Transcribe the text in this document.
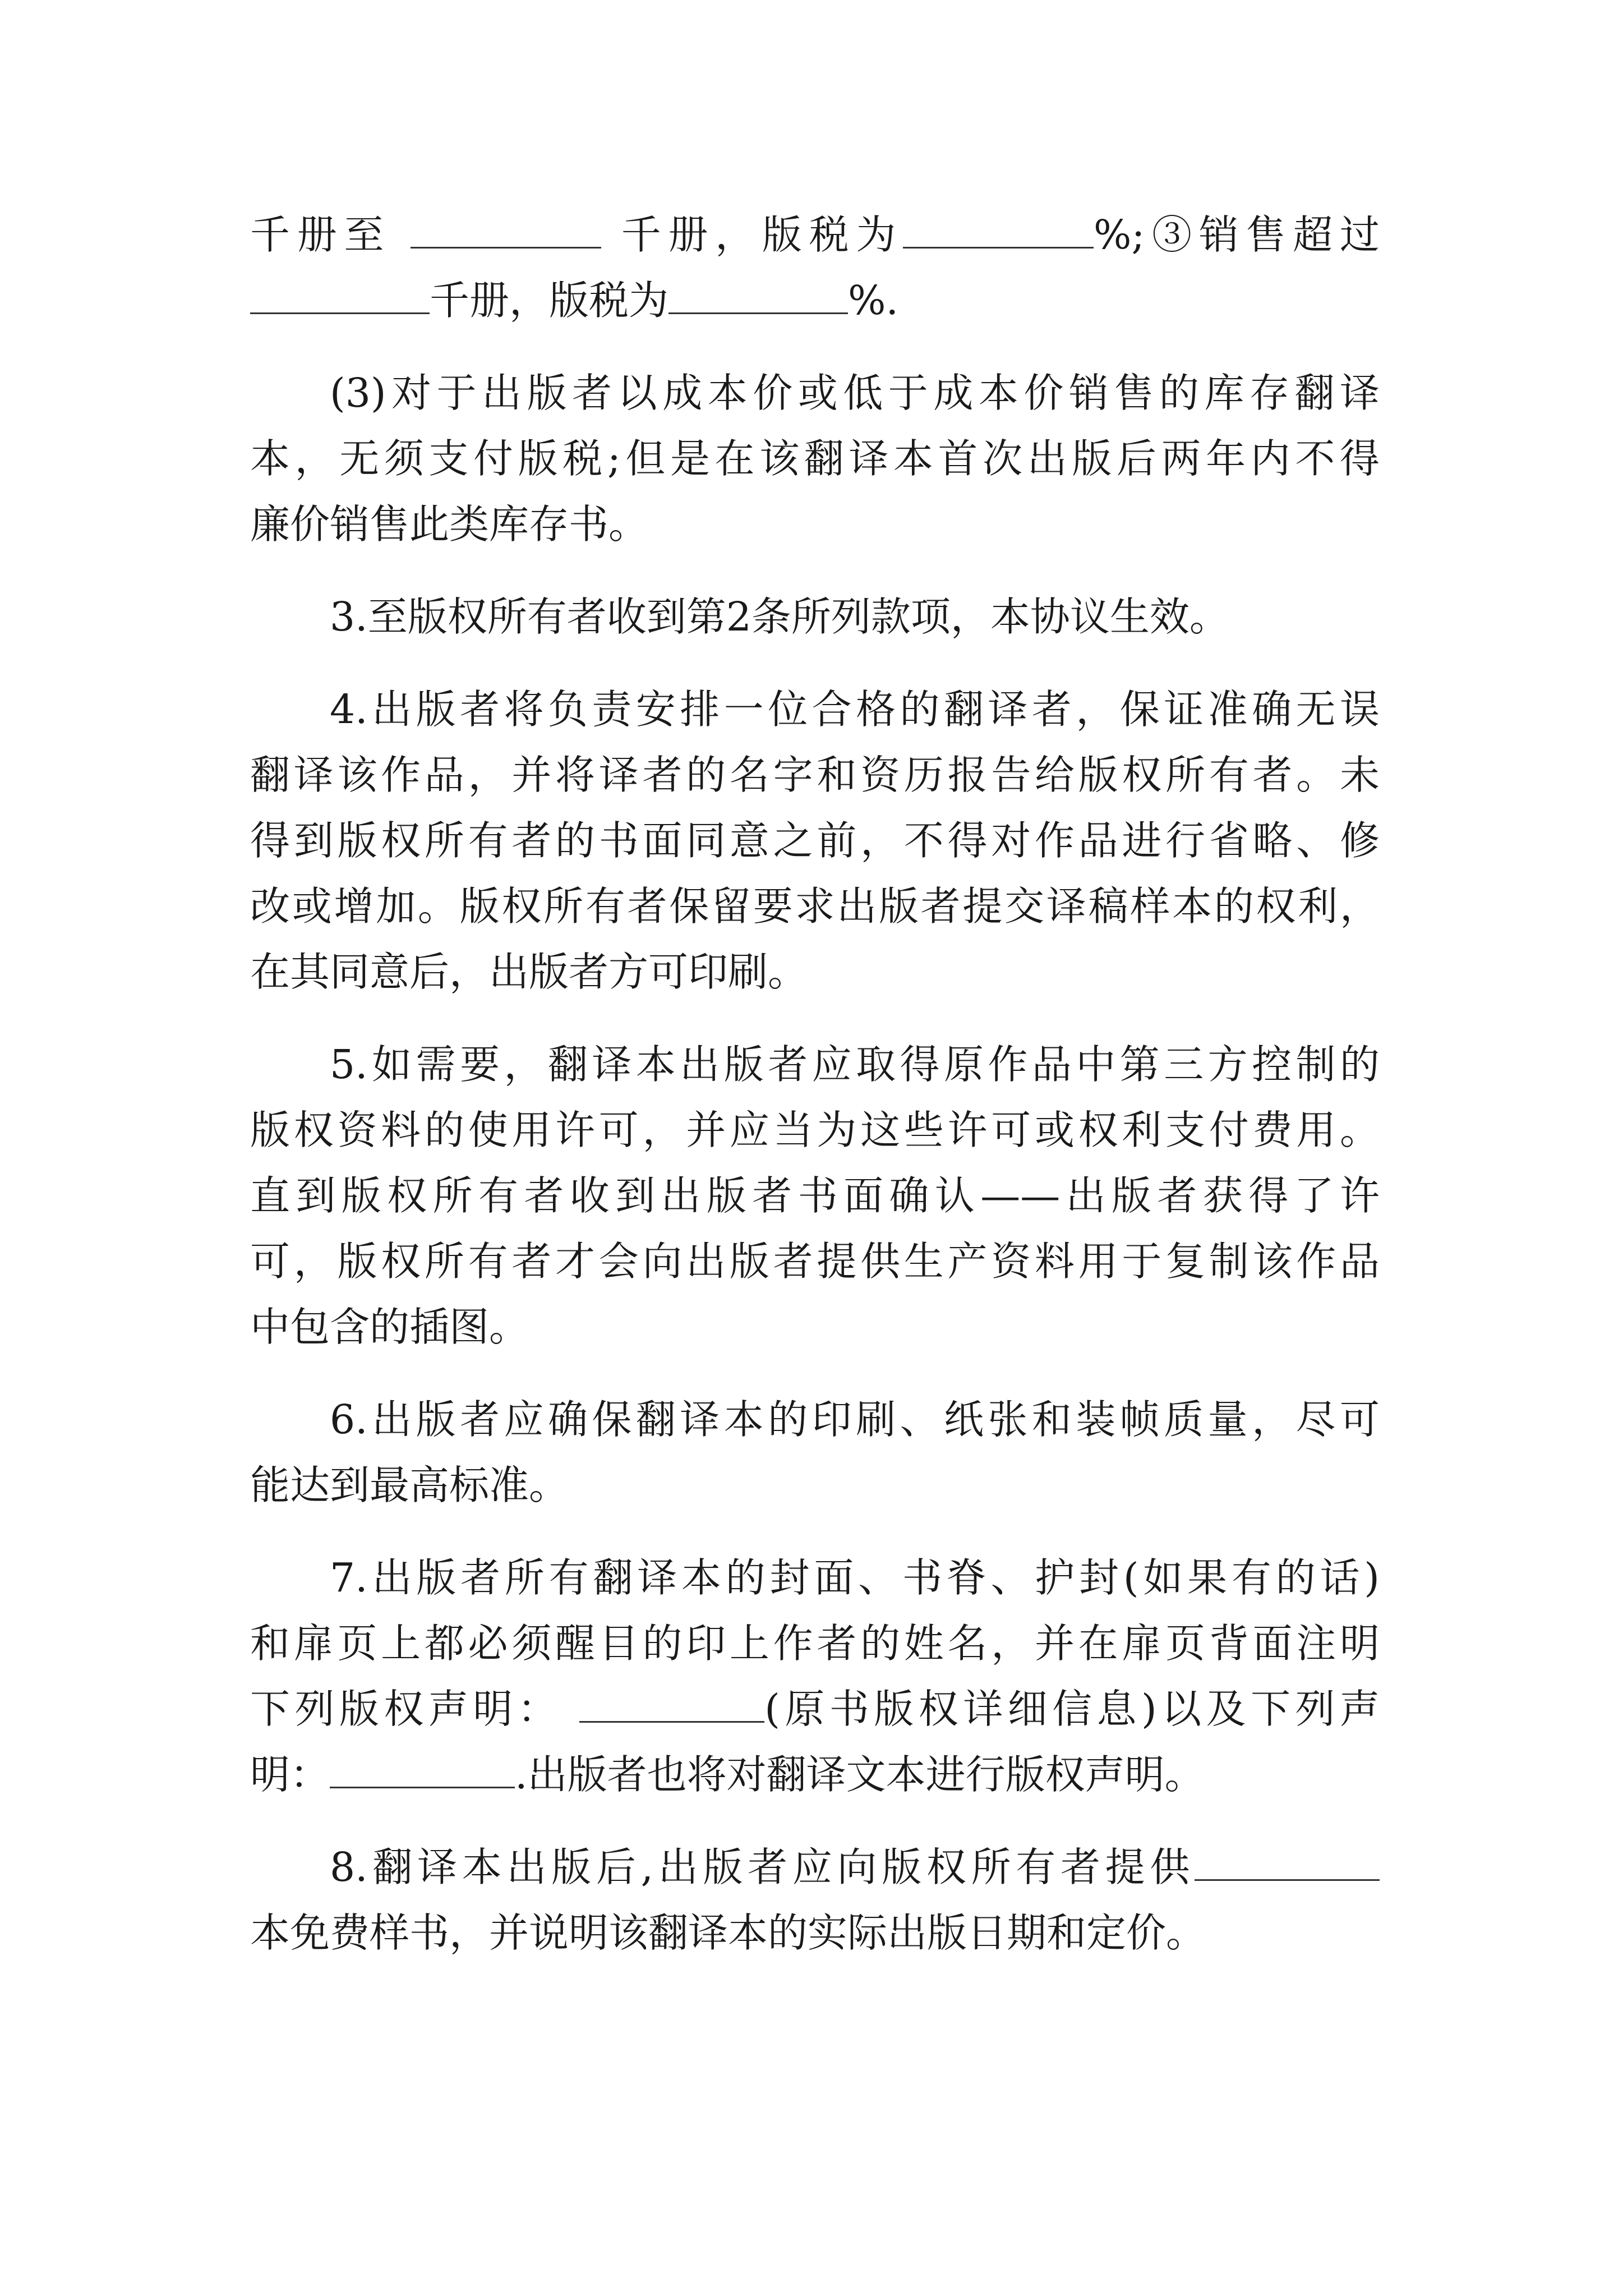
千册至	千册，版税为	%;③销售超过
千册，版税为	%.
(3)对于出版者以成本价或低于成本价销售的库存翻译
本，无须支付版税;但是在该翻译本首次出版后两年内不得
廉价销售此类库存书。
3.至版权所有者收到第2条所列款项，本协议生效。
4.出版者将负责安排一位合格的翻译者，保证准确无误
翻译该作品，并将译者的名字和资历报告给版权所有者。未
得到版权所有者的书面同意之前，不得对作品进行省略、修
改或增加。版权所有者保留要求出版者提交译稿样本的权利，
在其同意后，出版者方可印刷。
5.如需要，翻译本出版者应取得原作品中第三方控制的
版权资料的使用许可，并应当为这些许可或权利支付费用。
直到版权所有者收到出版者书面确认——出版者获得了许
可，版权所有者才会向出版者提供生产资料用于复制该作品
中包含的插图。
6.出版者应确保翻译本的印刷、纸张和装帧质量，尽可
能达到最高标准。
7.出版者所有翻译本的封面、书脊、护封(如果有的话)
和扉页上都必须醒目的印上作者的姓名，并在扉页背面注明
下列版权声明：	(原书版权详细信息)以及下列声
明：	.出版者也将对翻译文本进行版权声明。
8.翻译本出版后,出版者应向版权所有者提供
本免费样书，并说明该翻译本的实际出版日期和定价。
